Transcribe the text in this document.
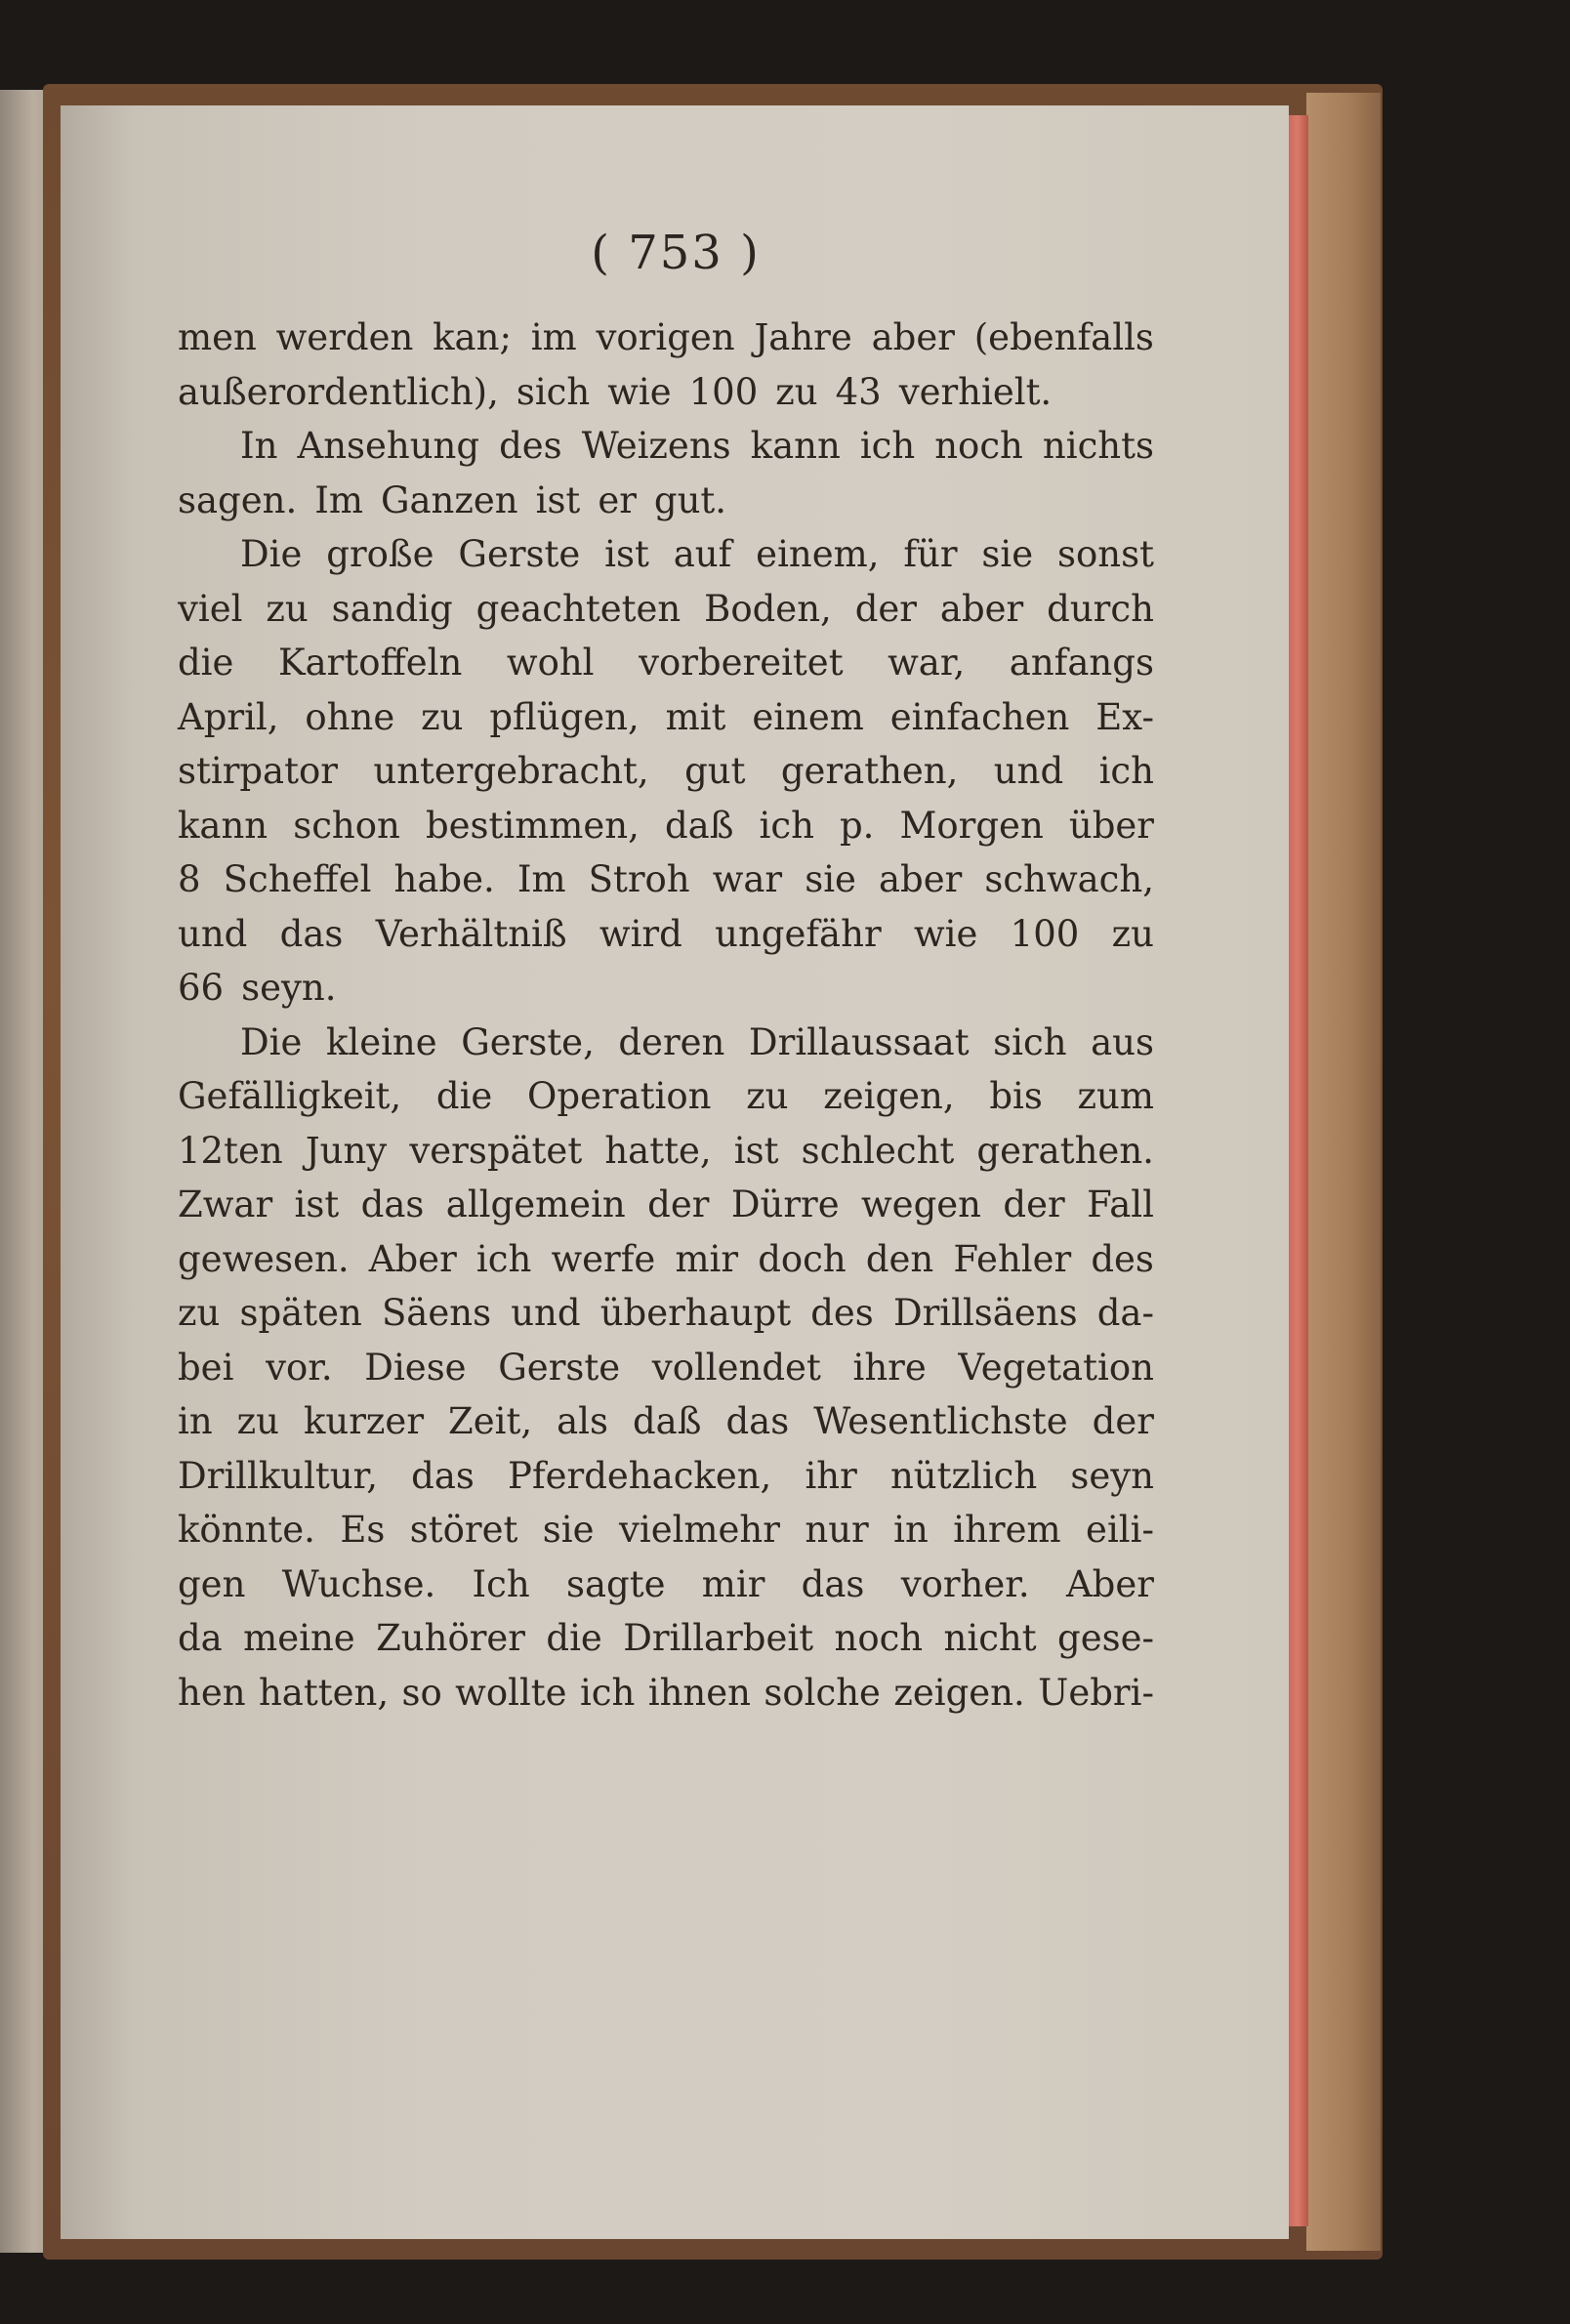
( 753 )
men werden kan; im vorigen Jahre aber (ebenfalls
außerordentlich), sich wie 100 zu 43 verhielt.
In Ansehung des Weizens kann ich noch nichts
sagen. Im Ganzen ist er gut.
Die große Gerste ist auf einem, für sie sonst
viel zu sandig geachteten Boden, der aber durch
die Kartoffeln wohl vorbereitet war, anfangs
April, ohne zu pflügen, mit einem einfachen Ex-
stirpator untergebracht, gut gerathen, und ich
kann schon bestimmen, daß ich p. Morgen über
8 Scheffel habe. Im Stroh war sie aber schwach,
und das Verhältniß wird ungefähr wie 100 zu
66 seyn.
Die kleine Gerste, deren Drillaussaat sich aus
Gefälligkeit, die Operation zu zeigen, bis zum
12ten Juny verspätet hatte, ist schlecht gerathen.
Zwar ist das allgemein der Dürre wegen der Fall
gewesen. Aber ich werfe mir doch den Fehler des
zu späten Säens und überhaupt des Drillsäens da-
bei vor. Diese Gerste vollendet ihre Vegetation
in zu kurzer Zeit, als daß das Wesentlichste der
Drillkultur, das Pferdehacken, ihr nützlich seyn
könnte. Es störet sie vielmehr nur in ihrem eili-
gen Wuchse. Ich sagte mir das vorher. Aber
da meine Zuhörer die Drillarbeit noch nicht gese-
hen hatten, so wollte ich ihnen solche zeigen. Uebri-
